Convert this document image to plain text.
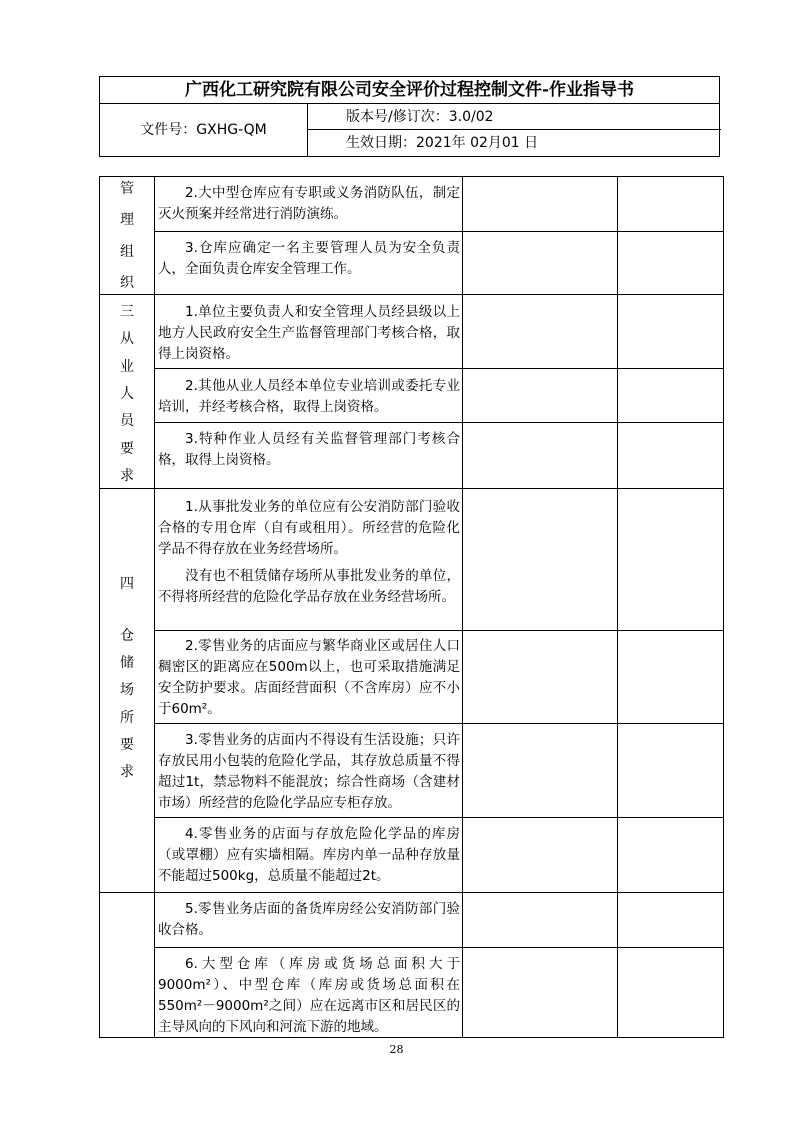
广西化工研究院有限公司安全评价过程控制文件-作业指导书
文件号：GXHG-QM
版本号/修订次：3.0/02
生效日期：2021年 02月01 日
管
理
组
织
三
从
业
人
员
要
求
四
仓
储
场
所
要
求

2.大中型仓库应有专职或义务消防队伍，制定灭火预案并经常进行消防演练。

3.仓库应确定一名主要管理人员为安全负责人，全面负责仓库安全管理工作。

1.单位主要负责人和安全管理人员经县级以上地方人民政府安全生产监督管理部门考核合格，取得上岗资格。

2.其他从业人员经本单位专业培训或委托专业培训，并经考核合格，取得上岗资格。

3.特种作业人员经有关监督管理部门考核合格，取得上岗资格。

1.从事批发业务的单位应有公安消防部门验收合格的专用仓库（自有或租用）。所经营的危险化学品不得存放在业务经营场所。

没有也不租赁储存场所从事批发业务的单位，不得将所经营的危险化学品存放在业务经营场所。

2.零售业务的店面应与繁华商业区或居住人口稠密区的距离应在500m以上，也可采取措施满足安全防护要求。店面经营面积（不含库房）应不小于60m²。

3.零售业务的店面内不得设有生活设施；只许存放民用小包装的危险化学品，其存放总质量不得超过1t，禁忌物料不能混放；综合性商场（含建材市场）所经营的危险化学品应专柜存放。

4.零售业务的店面与存放危险化学品的库房（或罩棚）应有实墙相隔。库房内单一品种存放量不能超过500kg，总质量不能超过2t。

5.零售业务店面的备货库房经公安消防部门验收合格。

6.大型仓库（库房或货场总面积大于9000m²）、中型仓库（库房或货场总面积在550m²－9000m²之间）应在远离市区和居民区的主导风向的下风向和河流下游的地域。

28
